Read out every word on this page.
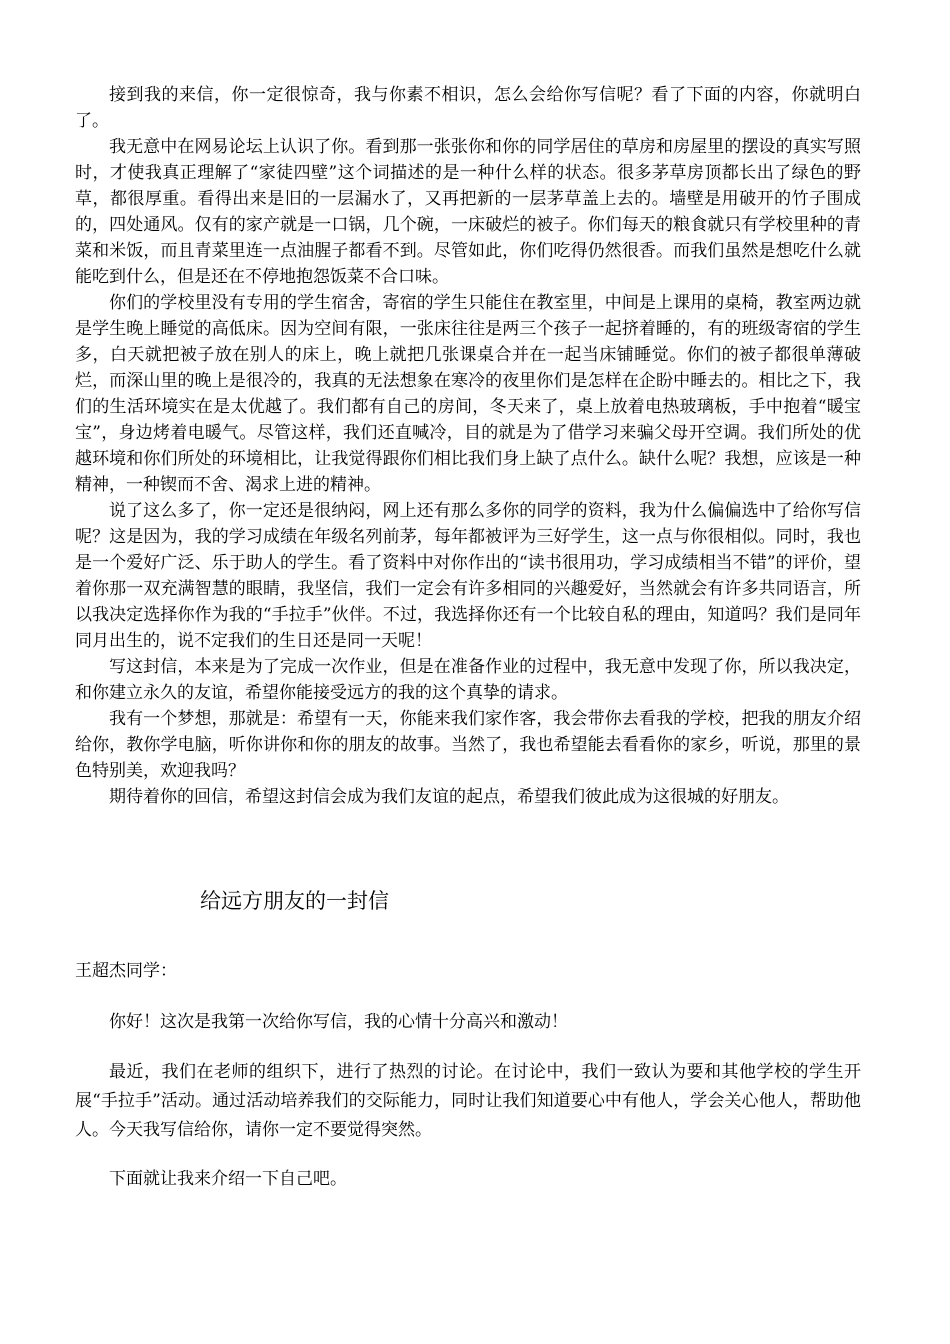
接到我的来信，你一定很惊奇，我与你素不相识，怎么会给你写信呢？看了下面的内容，你就明白了。

我无意中在网易论坛上认识了你。看到那一张张你和你的同学居住的草房和房屋里的摆设的真实写照时，才使我真正理解了“家徒四壁”这个词描述的是一种什么样的状态。很多茅草房顶都长出了绿色的野草，都很厚重。看得出来是旧的一层漏水了，又再把新的一层茅草盖上去的。墙壁是用破开的竹子围成的，四处通风。仅有的家产就是一口锅，几个碗，一床破烂的被子。你们每天的粮食就只有学校里种的青菜和米饭，而且青菜里连一点油腥子都看不到。尽管如此，你们吃得仍然很香。而我们虽然是想吃什么就能吃到什么，但是还在不停地抱怨饭菜不合口味。

你们的学校里没有专用的学生宿舍，寄宿的学生只能住在教室里，中间是上课用的桌椅，教室两边就是学生晚上睡觉的高低床。因为空间有限，一张床往往是两三个孩子一起挤着睡的，有的班级寄宿的学生多，白天就把被子放在别人的床上，晚上就把几张课桌合并在一起当床铺睡觉。你们的被子都很单薄破烂，而深山里的晚上是很冷的，我真的无法想象在寒冷的夜里你们是怎样在企盼中睡去的。相比之下，我们的生活环境实在是太优越了。我们都有自己的房间，冬天来了，桌上放着电热玻璃板，手中抱着“暖宝宝”，身边烤着电暖气。尽管这样，我们还直喊冷，目的就是为了借学习来骗父母开空调。我们所处的优越环境和你们所处的环境相比，让我觉得跟你们相比我们身上缺了点什么。缺什么呢？我想，应该是一种精神，一种锲而不舍、渴求上进的精神。

说了这么多了，你一定还是很纳闷，网上还有那么多你的同学的资料，我为什么偏偏选中了给你写信呢？这是因为，我的学习成绩在年级名列前茅，每年都被评为三好学生，这一点与你很相似。同时，我也是一个爱好广泛、乐于助人的学生。看了资料中对你作出的“读书很用功，学习成绩相当不错”的评价，望着你那一双充满智慧的眼睛，我坚信，我们一定会有许多相同的兴趣爱好，当然就会有许多共同语言，所以我决定选择你作为我的“手拉手”伙伴。不过，我选择你还有一个比较自私的理由，知道吗？我们是同年同月出生的，说不定我们的生日还是同一天呢！

写这封信，本来是为了完成一次作业，但是在准备作业的过程中，我无意中发现了你，所以我决定，和你建立永久的友谊，希望你能接受远方的我的这个真挚的请求。

我有一个梦想，那就是：希望有一天，你能来我们家作客，我会带你去看我的学校，把我的朋友介绍给你，教你学电脑，听你讲你和你的朋友的故事。当然了，我也希望能去看看你的家乡，听说，那里的景色特别美，欢迎我吗？

期待着你的回信，希望这封信会成为我们友谊的起点，希望我们彼此成为这很城的好朋友。

给远方朋友的一封信

王超杰同学：

你好！这次是我第一次给你写信，我的心情十分高兴和激动！

最近，我们在老师的组织下，进行了热烈的讨论。在讨论中，我们一致认为要和其他学校的学生开展“手拉手”活动。通过活动培养我们的交际能力，同时让我们知道要心中有他人，学会关心他人，帮助他人。今天我写信给你，请你一定不要觉得突然。

下面就让我来介绍一下自己吧。
